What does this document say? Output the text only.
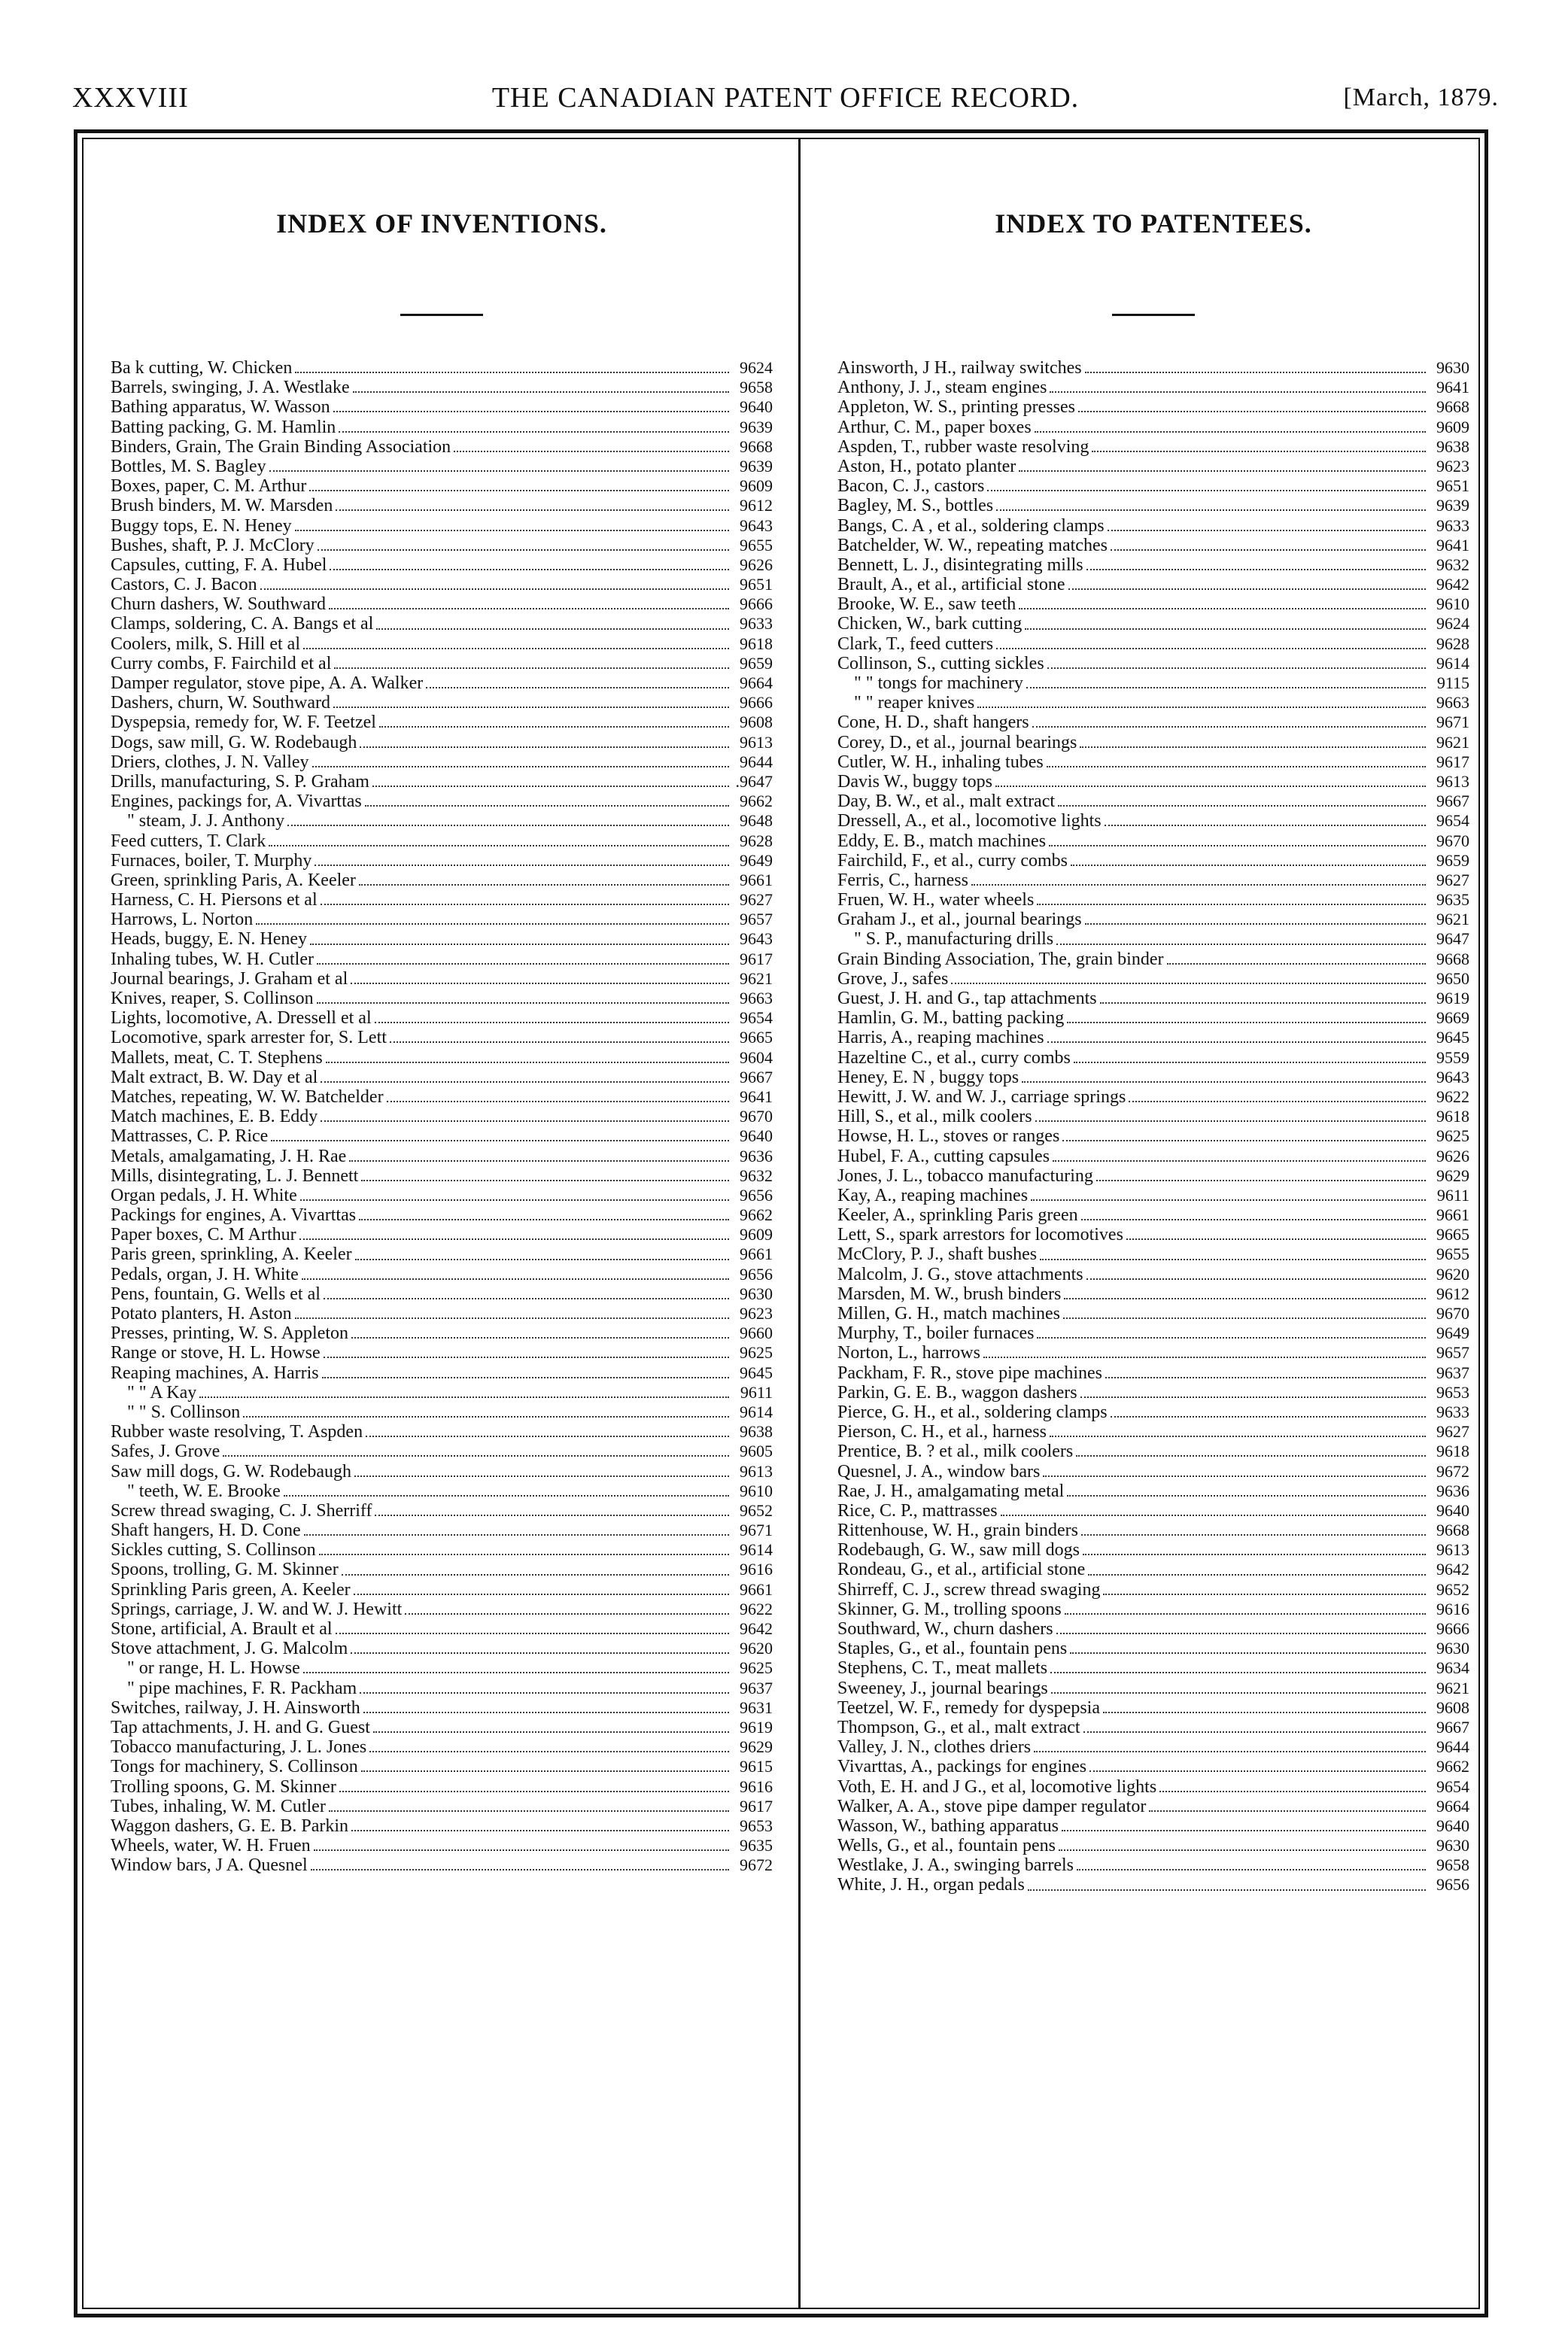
XXXVIII	THE CANADIAN PATENT OFFICE RECORD.	[March, 1879.
INDEX OF INVENTIONS.
Ba k cutting, W. Chicken	9624
Barrels, swinging, J. A. Westlake	9658
Bathing apparatus, W. Wasson	9640
Batting packing, G. M. Hamlin	9639
Binders, Grain, The Grain Binding Association	9668
Bottles, M. S. Bagley	9639
Boxes, paper, C. M. Arthur	9609
Brush binders, M. W. Marsden	9612
Buggy tops, E. N. Heney	9643
Bushes, shaft, P. J. McClory	9655
Capsules, cutting, F. A. Hubel	9626
Castors, C. J. Bacon	9651
Churn dashers, W. Southward	9666
Clamps, soldering, C. A. Bangs et al	9633
Coolers, milk, S. Hill et al	9618
Curry combs, F. Fairchild et al	9659
Damper regulator, stove pipe, A. A. Walker	9664
Dashers, churn, W. Southward	9666
Dyspepsia, remedy for, W. F. Teetzel	9608
Dogs, saw mill, G. W. Rodebaugh	9613
Driers, clothes, J. N. Valley	9644
Drills, manufacturing, S. P. Graham	.9647
Engines, packings for, A. Vivarttas	9662
" steam, J. J. Anthony	9648
Feed cutters, T. Clark	9628
Furnaces, boiler, T. Murphy	9649
Green, sprinkling Paris, A. Keeler	9661
Harness, C. H. Piersons et al	9627
Harrows, L. Norton	9657
Heads, buggy, E. N. Heney	9643
Inhaling tubes, W. H. Cutler	9617
Journal bearings, J. Graham et al	9621
Knives, reaper, S. Collinson	9663
Lights, locomotive, A. Dressell et al	9654
Locomotive, spark arrester for, S. Lett	9665
Mallets, meat, C. T. Stephens	9604
Malt extract, B. W. Day et al	9667
Matches, repeating, W. W. Batchelder	9641
Match machines, E. B. Eddy	9670
Mattrasses, C. P. Rice	9640
Metals, amalgamating, J. H. Rae	9636
Mills, disintegrating, L. J. Bennett	9632
Organ pedals, J. H. White	9656
Packings for engines, A. Vivarttas	9662
Paper boxes, C. M Arthur	9609
Paris green, sprinkling, A. Keeler	9661
Pedals, organ, J. H. White	9656
Pens, fountain, G. Wells et al	9630
Potato planters, H. Aston	9623
Presses, printing, W. S. Appleton	9660
Range or stove, H. L. Howse	9625
Reaping machines, A. Harris	9645
" " A Kay	9611
" " S. Collinson	9614
Rubber waste resolving, T. Aspden	9638
Safes, J. Grove	9605
Saw mill dogs, G. W. Rodebaugh	9613
" teeth, W. E. Brooke	9610
Screw thread swaging, C. J. Sherriff	9652
Shaft hangers, H. D. Cone	9671
Sickles cutting, S. Collinson	9614
Spoons, trolling, G. M. Skinner	9616
Sprinkling Paris green, A. Keeler	9661
Springs, carriage, J. W. and W. J. Hewitt	9622
Stone, artificial, A. Brault et al	9642
Stove attachment, J. G. Malcolm	9620
" or range, H. L. Howse	9625
" pipe machines, F. R. Packham	9637
Switches, railway, J. H. Ainsworth	9631
Tap attachments, J. H. and G. Guest	9619
Tobacco manufacturing, J. L. Jones	9629
Tongs for machinery, S. Collinson	9615
Trolling spoons, G. M. Skinner	9616
Tubes, inhaling, W. M. Cutler	9617
Waggon dashers, G. E. B. Parkin	9653
Wheels, water, W. H. Fruen	9635
Window bars, J A. Quesnel	9672
INDEX TO PATENTEES.
Ainsworth, J H., railway switches	9630
Anthony, J. J., steam engines	9641
Appleton, W. S., printing presses	9668
Arthur, C. M., paper boxes	9609
Aspden, T., rubber waste resolving	9638
Aston, H., potato planter	9623
Bacon, C. J., castors	9651
Bagley, M. S., bottles	9639
Bangs, C. A , et al., soldering clamps	9633
Batchelder, W. W., repeating matches	9641
Bennett, L. J., disintegrating mills	9632
Brault, A., et al., artificial stone	9642
Brooke, W. E., saw teeth	9610
Chicken, W., bark cutting	9624
Clark, T., feed cutters	9628
Collinson, S., cutting sickles	9614
" " tongs for machinery	9115
" " reaper knives	9663
Cone, H. D., shaft hangers	9671
Corey, D., et al., journal bearings	9621
Cutler, W. H., inhaling tubes	9617
Davis W., buggy tops	9613
Day, B. W., et al., malt extract	9667
Dressell, A., et al., locomotive lights	9654
Eddy, E. B., match machines	9670
Fairchild, F., et al., curry combs	9659
Ferris, C., harness	9627
Fruen, W. H., water wheels	9635
Graham J., et al., journal bearings	9621
" S. P., manufacturing drills	9647
Grain Binding Association, The, grain binder	9668
Grove, J., safes	9650
Guest, J. H. and G., tap attachments	9619
Hamlin, G. M., batting packing	9669
Harris, A., reaping machines	9645
Hazeltine C., et al., curry combs	9559
Heney, E. N , buggy tops	9643
Hewitt, J. W. and W. J., carriage springs	9622
Hill, S., et al., milk coolers	9618
Howse, H. L., stoves or ranges	9625
Hubel, F. A., cutting capsules	9626
Jones, J. L., tobacco manufacturing	9629
Kay, A., reaping machines	9611
Keeler, A., sprinkling Paris green	9661
Lett, S., spark arrestors for locomotives	9665
McClory, P. J., shaft bushes	9655
Malcolm, J. G., stove attachments	9620
Marsden, M. W., brush binders	9612
Millen, G. H., match machines	9670
Murphy, T., boiler furnaces	9649
Norton, L., harrows	9657
Packham, F. R., stove pipe machines	9637
Parkin, G. E. B., waggon dashers	9653
Pierce, G. H., et al., soldering clamps	9633
Pierson, C. H., et al., harness	9627
Prentice, B. ? et al., milk coolers	9618
Quesnel, J. A., window bars	9672
Rae, J. H., amalgamating metal	9636
Rice, C. P., mattrasses	9640
Rittenhouse, W. H., grain binders	9668
Rodebaugh, G. W., saw mill dogs	9613
Rondeau, G., et al., artificial stone	9642
Shirreff, C. J., screw thread swaging	9652
Skinner, G. M., trolling spoons	9616
Southward, W., churn dashers	9666
Staples, G., et al., fountain pens	9630
Stephens, C. T., meat mallets	9634
Sweeney, J., journal bearings	9621
Teetzel, W. F., remedy for dyspepsia	9608
Thompson, G., et al., malt extract	9667
Valley, J. N., clothes driers	9644
Vivarttas, A., packings for engines	9662
Voth, E. H. and J G., et al, locomotive lights	9654
Walker, A. A., stove pipe damper regulator	9664
Wasson, W., bathing apparatus	9640
Wells, G., et al., fountain pens	9630
Westlake, J. A., swinging barrels	9658
White, J. H., organ pedals	9656
